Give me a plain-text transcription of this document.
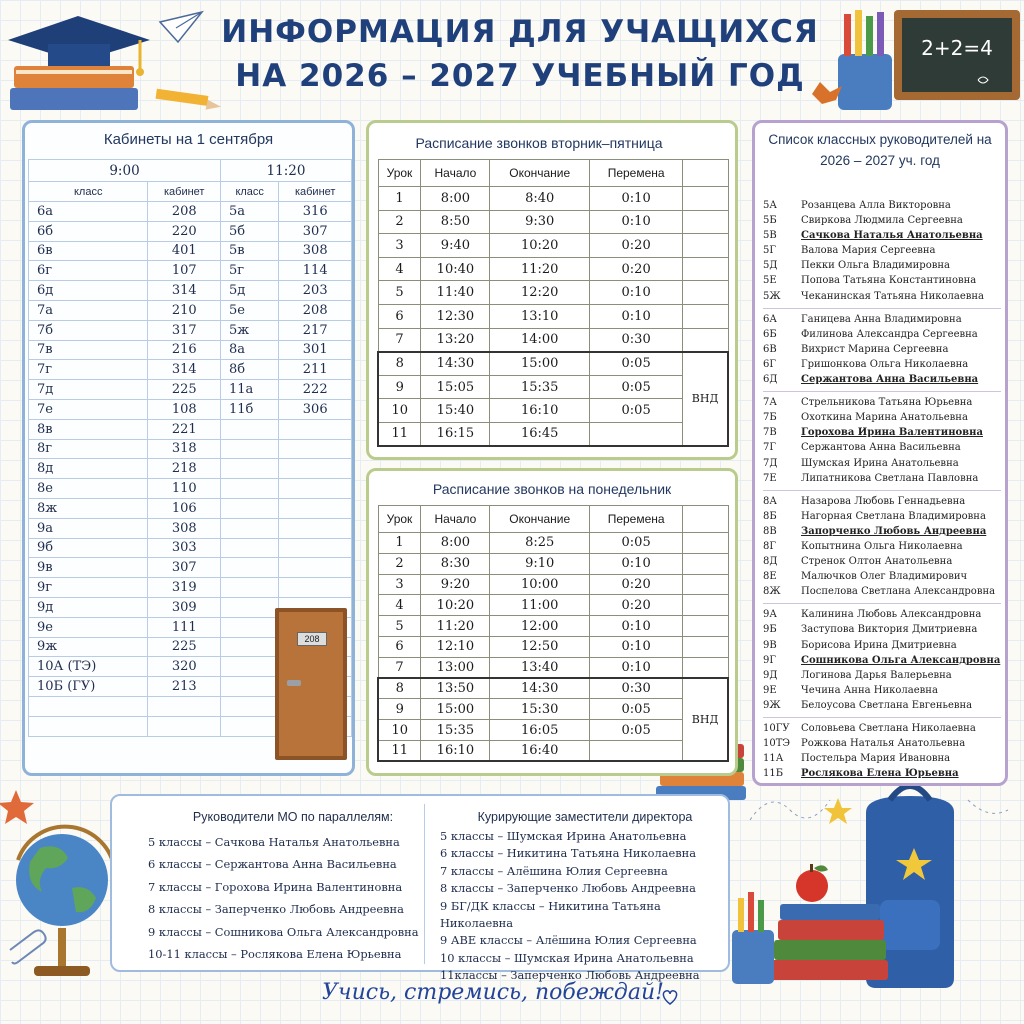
ИНФОРМАЦИЯ ДЛЯ УЧАЩИХСЯ
НА 2026 – 2027 УЧЕБНЫЙ ГОД
2+2=4
Кабинеты на 1 сентября
9:00		11:20	
класс	кабинет	класс	кабинет
6а	208	5а	316
6б	220	5б	307
6в	401	5в	308
6г	107	5г	114
6д	314	5д	203
7а	210	5е	208
7б	317	5ж	217
7в	216	8а	301
7г	314	8б	211
7д	225	11а	222
7е	108	11б	306
8в	221		
8г	318		
8д	218		
8е	110		
8ж	106		
9а	308		
9б	303		
9в	307		
9г	319		
9д	309		
9е	111		
9ж	225		
10А (ТЭ)	320		
10Б (ГУ)	213		

208
Расписание звонков вторник–пятница
Урок	Начало	Окончание	Перемена	
1	8:00	8:40	0:10	
2	8:50	9:30	0:10	
3	9:40	10:20	0:20	
4	10:40	11:20	0:20	
5	11:40	12:20	0:10	
6	12:30	13:10	0:10	
7	13:20	14:00	0:30	
8	14:30	15:00	0:05	ВНД
9	15:05	15:35	0:05	
10	15:40	16:10	0:05	
11	16:15	16:45		
Расписание звонков на понедельник
Урок	Начало	Окончание	Перемена	
1	8:00	8:25	0:05	
2	8:30	9:10	0:10	
3	9:20	10:00	0:20	
4	10:20	11:00	0:20	
5	11:20	12:00	0:10	
6	12:10	12:50	0:10	
7	13:00	13:40	0:10	
8	13:50	14:30	0:30	ВНД
9	15:00	15:30	0:05	
10	15:35	16:05	0:05	
11	16:10	16:40		
Список классных руководителей на 2026 – 2027 уч. год
5А	Розанцева Алла Викторовна
5Б	Свиркова Людмила Сергеевна
5В	Сачкова Наталья Анатольевна
5Г	Валова Мария Сергеевна
5Д	Пекки Ольга Владимировна
5Е	Попова Татьяна Константиновна
5Ж	Чеканинская Татьяна Николаевна
6А	Ганицева Анна Владимировна
6Б	Филинова Александра Сергеевна
6В	Вихрист Марина Сергеевна
6Г	Гришонкова Ольга Николаевна
6Д	Сержантова Анна Васильевна
7А	Стрельникова Татьяна Юрьевна
7Б	Охоткина Марина Анатольевна
7В	Горохова Ирина Валентиновна
7Г	Сержантова Анна Васильевна
7Д	Шумская Ирина Анатольевна
7Е	Липатникова Светлана Павловна
8А	Назарова Любовь Геннадьевна
8Б	Нагорная Светлана Владимировна
8В	Запорченко Любовь Андреевна
8Г	Копытнина Ольга Николаевна
8Д	Стренок Олтон Анатольевна
8Е	Малючков Олег Владимирович
8Ж	Поспелова Светлана Александровна
9А	Калинина Любовь Александровна
9Б	Заступова Виктория Дмитриевна
9В	Борисова Ирина Дмитриевна
9Г	Сошникова Ольга Александровна
9Д	Логинова Дарья Валерьевна
9Е	Чечина Анна Николаевна
9Ж	Белоусова Светлана Евгеньевна
10ГУ	Соловьева Светлана Николаевна
10ТЭ	Рожкова Наталья Анатольевна
11А	Постельра Мария Ивановна
11Б	Рослякова Елена Юрьевна
Руководители МО по параллелям:
5 классы – Сачкова Наталья Анатольевна
6 классы – Сержантова Анна Васильевна
7 классы – Горохова Ирина Валентиновна
8 классы – Заперченко Любовь Андреевна
9 классы – Сошникова Ольга Александровна
10-11 классы – Рослякова Елена Юрьевна
Курирующие заместители директора
5 классы – Шумская Ирина Анатольевна
6 классы – Никитина Татьяна Николаевна
7 классы – Алёшина Юлия Сергеевна
8 классы – Заперченко Любовь Андреевна
9 БГ/ДК классы – Никитина Татьяна Николаевна
9 АВЕ классы – Алёшина Юлия Сергеевна
10 классы – Шумская Ирина Анатольевна
11классы – Заперченко Любовь Андреевна
Учись, стремись, побеждай!
